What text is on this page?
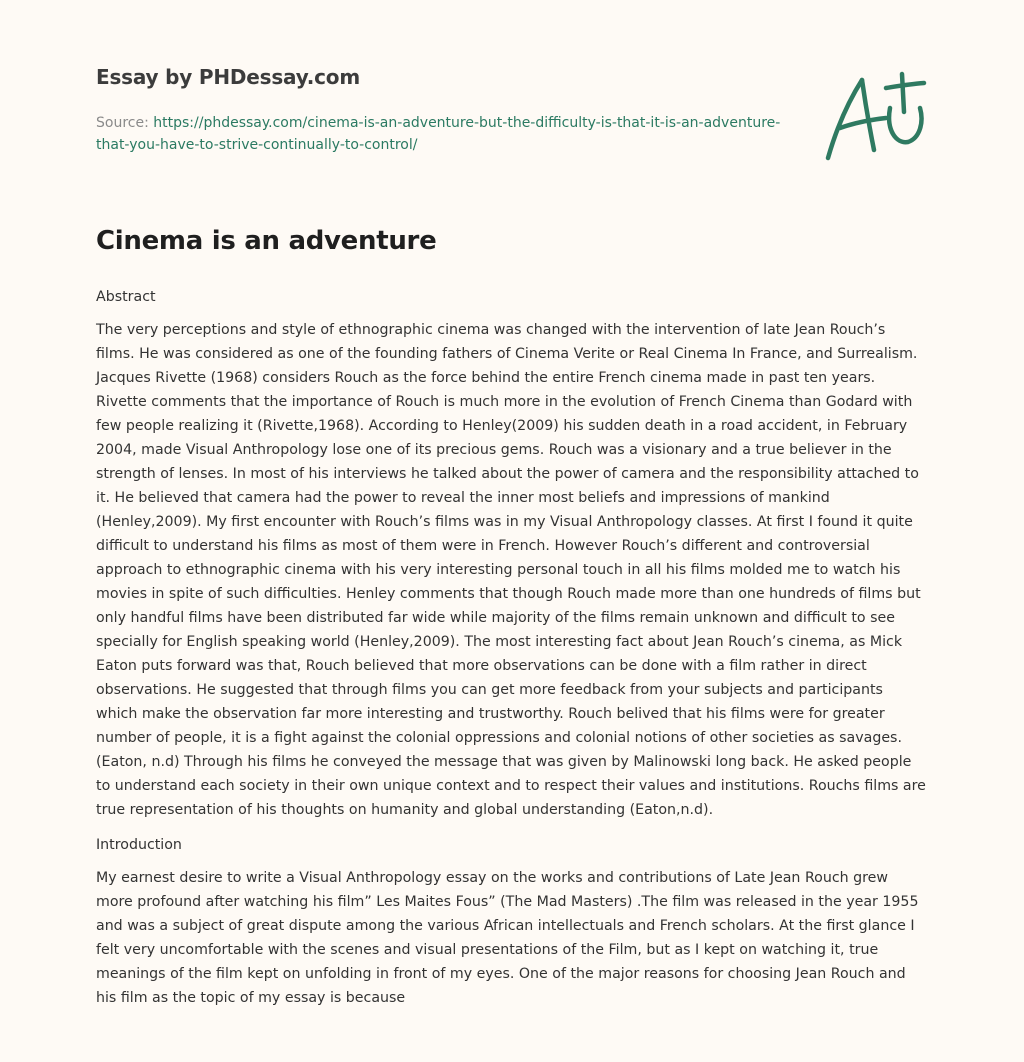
Essay by PHDessay.com
Source: https://phdessay.com/cinema-is-an-adventure-but-the-difficulty-is-that-it-is-an-adventure-that-you-have-to-strive-continually-to-control/
Cinema is an adventure

Abstract

The very perceptions and style of ethnographic cinema was changed with the intervention of late Jean Rouch’s films. He was considered as one of the founding fathers of Cinema Verite or Real Cinema In France, and Surrealism. Jacques Rivette (1968) considers Rouch as the force behind the entire French cinema made in past ten years. Rivette comments that the importance of Rouch is much more in the evolution of French Cinema than Godard with few people realizing it (Rivette,1968). According to Henley(2009) his sudden death in a road accident, in February 2004, made Visual Anthropology lose one of its precious gems. Rouch was a visionary and a true believer in the strength of lenses. In most of his interviews he talked about the power of camera and the responsibility attached to it. He believed that camera had the power to reveal the inner most beliefs and impressions of mankind (Henley,2009). My first encounter with Rouch’s films was in my Visual Anthropology classes. At first I found it quite difficult to understand his films as most of them were in French. However Rouch’s different and controversial approach to ethnographic cinema with his very interesting personal touch in all his films molded me to watch his movies in spite of such difficulties. Henley comments that though Rouch made more than one hundreds of films but only handful films have been distributed far wide while majority of the films remain unknown and difficult to see specially for English speaking world (Henley,2009). The most interesting fact about Jean Rouch’s cinema, as Mick Eaton puts forward was that, Rouch believed that more observations can be done with a film rather in direct observations. He suggested that through films you can get more feedback from your subjects and participants which make the observation far more interesting and trustworthy. Rouch belived that his films were for greater number of people, it is a fight against the colonial oppressions and colonial notions of other societies as savages.(Eaton, n.d) Through his films he conveyed the message that was given by Malinowski long back. He asked people to understand each society in their own unique context and to respect their values and institutions. Rouchs films are true representation of his thoughts on humanity and global understanding (Eaton,n.d).

Introduction

My earnest desire to write a Visual Anthropology essay on the works and contributions of Late Jean Rouch grew more profound after watching his film” Les Maites Fous” (The Mad Masters) .The film was released in the year 1955 and was a subject of great dispute among the various African intellectuals and French scholars. At the first glance I felt very uncomfortable with the scenes and visual presentations of the Film, but as I kept on watching it, true meanings of the film kept on unfolding in front of my eyes. One of the major reasons for choosing Jean Rouch and his film as the topic of my essay is because
